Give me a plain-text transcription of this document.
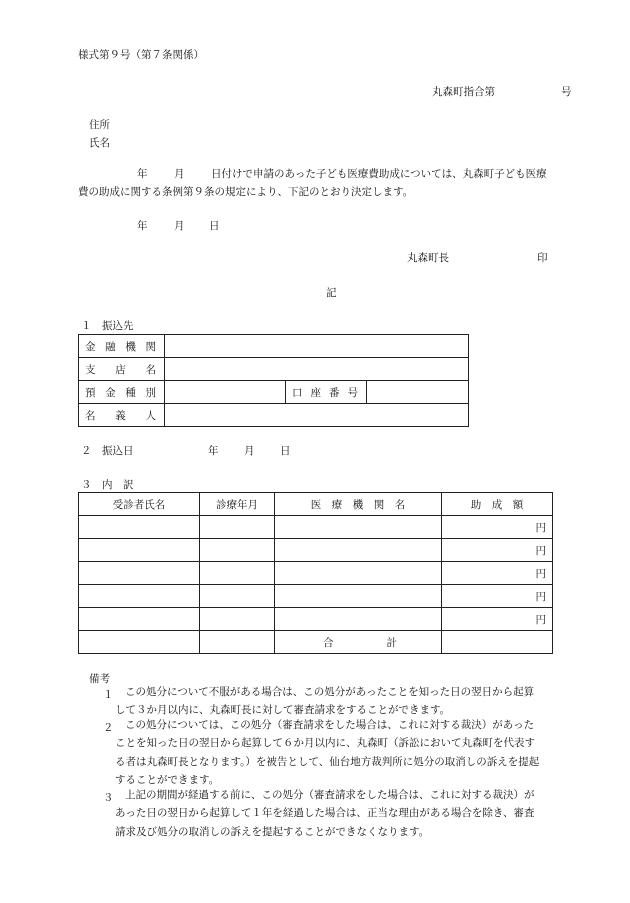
様式第９号（第７条関係）
丸森町指合第	号
住所
氏名
年	月	日付けで申請のあった子ども医療費助成については、丸森町子ども医療
費の助成に関する条例第９条の規定により、下記のとおり決定します。
年	月 日
丸森町長	印
記
１　振込先
金 融 機 関			

支 店 名			

預 金 種 別		口 座 番 号	

名 義 人			

２　振込日	年 月 日
３　内　訳
受診者氏名	診療年月	医　療　機　関　名	助　成　額
			円
			円
			円
			円
			円

		合 計	

備考
１ この処分について不服がある場合は、この処分があったことを知った日の翌日から起算
して３か月以内に、丸森町長に対して審査請求をすることができます。
２ この処分については、この処分（審査請求をした場合は、これに対する裁決）があった
ことを知った日の翌日から起算して６か月以内に、丸森町（訴訟において丸森町を代表す
る者は丸森町長となります。）を被告として、仙台地方裁判所に処分の取消しの訴えを提起
することができます。
３ 上記の期間が経過する前に、この処分（審査請求をした場合は、これに対する裁決）が
あった日の翌日から起算して１年を経過した場合は、正当な理由がある場合を除き、審査
請求及び処分の取消しの訴えを提起することができなくなります。
